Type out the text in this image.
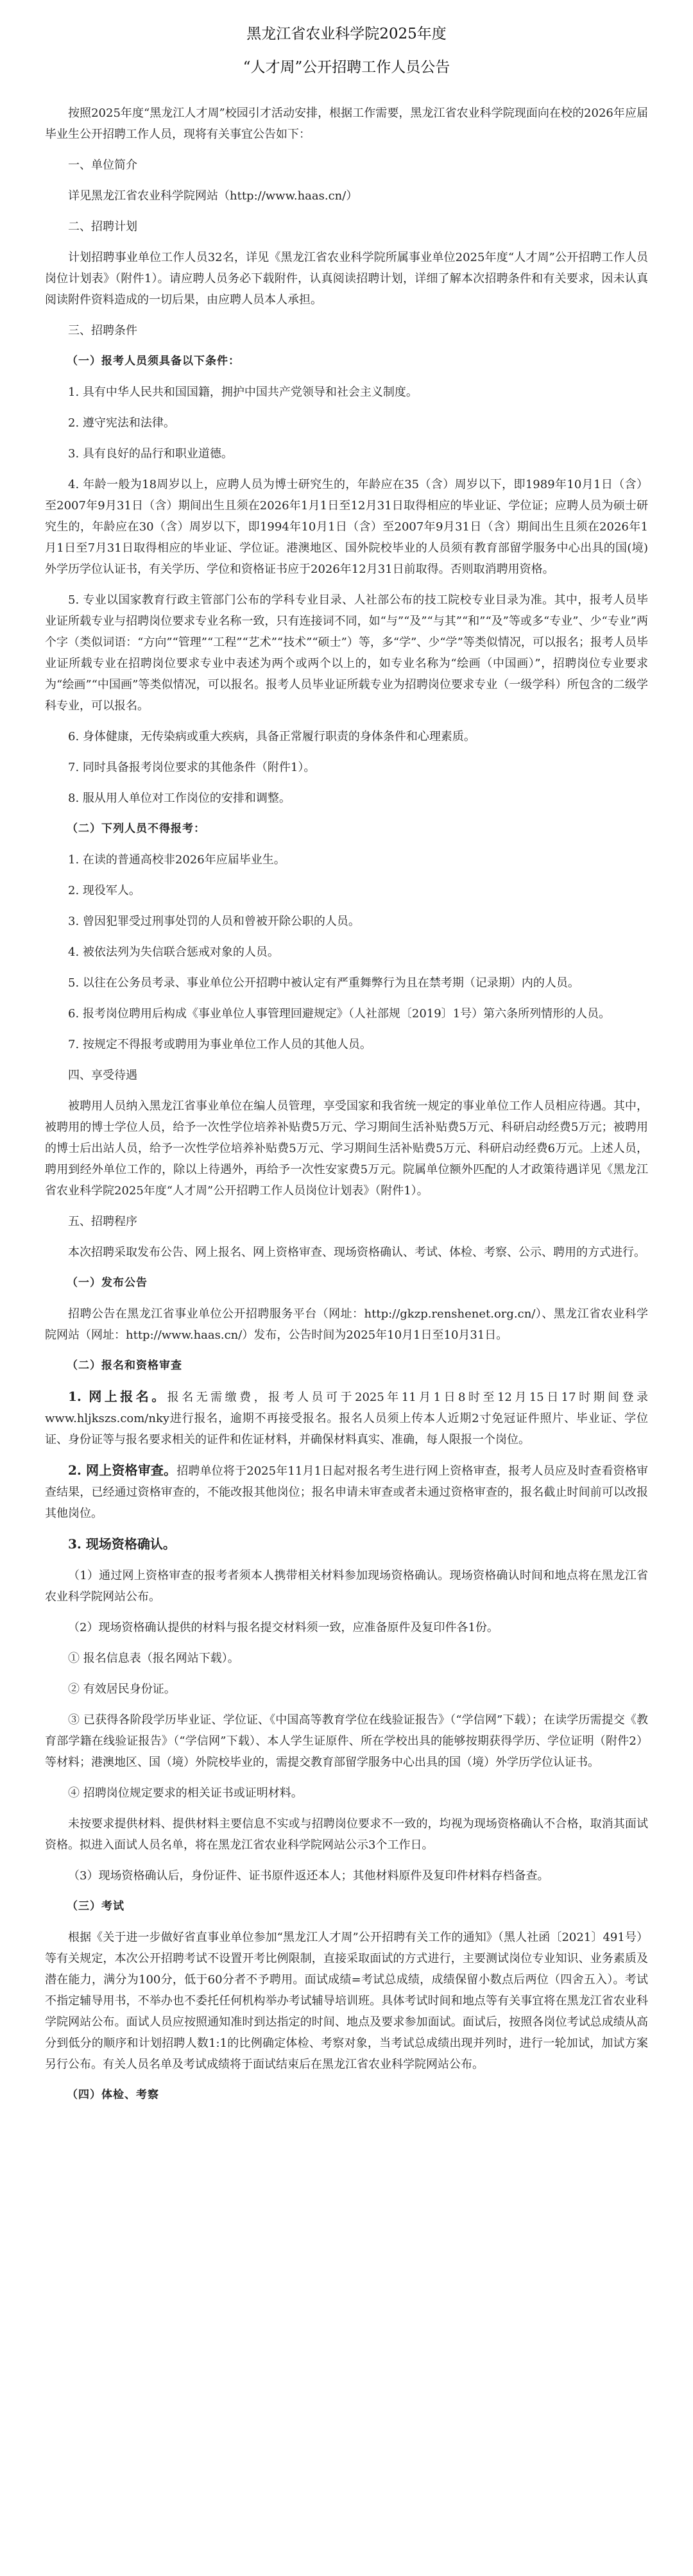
黑龙江省农业科学院2025年度
“人才周”公开招聘工作人员公告

按照2025年度“黑龙江人才周”校园引才活动安排，根据工作需要，黑龙江省农业科学院现面向在校的2026年应届毕业生公开招聘工作人员，现将有关事宜公告如下：

一、单位简介

详见黑龙江省农业科学院网站（http://www.haas.cn/）

二、招聘计划

计划招聘事业单位工作人员32名，详见《黑龙江省农业科学院所属事业单位2025年度“人才周”公开招聘工作人员岗位计划表》（附件1）。请应聘人员务必下载附件，认真阅读招聘计划，详细了解本次招聘条件和有关要求，因未认真阅读附件资料造成的一切后果，由应聘人员本人承担。

三、招聘条件

（一）报考人员须具备以下条件：

1. 具有中华人民共和国国籍，拥护中国共产党领导和社会主义制度。

2. 遵守宪法和法律。

3. 具有良好的品行和职业道德。

4. 年龄一般为18周岁以上，应聘人员为博士研究生的，年龄应在35（含）周岁以下，即1989年10月1日（含）至2007年9月31日（含）期间出生且须在2026年1月1日至12月31日取得相应的毕业证、学位证；应聘人员为硕士研究生的，年龄应在30（含）周岁以下，即1994年10月1日（含）至2007年9月31日（含）期间出生且须在2026年1月1日至7月31日取得相应的毕业证、学位证。港澳地区、国外院校毕业的人员须有教育部留学服务中心出具的国(境)外学历学位认证书，有关学历、学位和资格证书应于2026年12月31日前取得。否则取消聘用资格。

5. 专业以国家教育行政主管部门公布的学科专业目录、人社部公布的技工院校专业目录为准。其中，报考人员毕业证所载专业与招聘岗位要求专业名称一致，只有连接词不同，如“与”“及”“与其”“和”“及”等或多“专业”、少“专业”两个字（类似词语：“方向”“管理”“工程”“艺术”“技术”“硕士”）等，多“学”、少“学”等类似情况，可以报名；报考人员毕业证所载专业在招聘岗位要求专业中表述为两个或两个以上的，如专业名称为“绘画（中国画）”，招聘岗位专业要求为“绘画”“中国画”等类似情况，可以报名。报考人员毕业证所载专业为招聘岗位要求专业（一级学科）所包含的二级学科专业，可以报名。

6. 身体健康，无传染病或重大疾病，具备正常履行职责的身体条件和心理素质。

7. 同时具备报考岗位要求的其他条件（附件1）。

8. 服从用人单位对工作岗位的安排和调整。

（二）下列人员不得报考：

1. 在读的普通高校非2026年应届毕业生。

2. 现役军人。

3. 曾因犯罪受过刑事处罚的人员和曾被开除公职的人员。

4. 被依法列为失信联合惩戒对象的人员。

5. 以往在公务员考录、事业单位公开招聘中被认定有严重舞弊行为且在禁考期（记录期）内的人员。

6. 报考岗位聘用后构成《事业单位人事管理回避规定》（人社部规〔2019〕1号）第六条所列情形的人员。

7. 按规定不得报考或聘用为事业单位工作人员的其他人员。

四、享受待遇

被聘用人员纳入黑龙江省事业单位在编人员管理，享受国家和我省统一规定的事业单位工作人员相应待遇。其中，被聘用的博士学位人员，给予一次性学位培养补贴费5万元、学习期间生活补贴费5万元、科研启动经费5万元；被聘用的博士后出站人员，给予一次性学位培养补贴费5万元、学习期间生活补贴费5万元、科研启动经费6万元。上述人员，聘用到经外单位工作的，除以上待遇外，再给予一次性安家费5万元。院属单位额外匹配的人才政策待遇详见《黑龙江省农业科学院2025年度“人才周”公开招聘工作人员岗位计划表》（附件1）。

五、招聘程序

本次招聘采取发布公告、网上报名、网上资格审查、现场资格确认、考试、体检、考察、公示、聘用的方式进行。

（一）发布公告

招聘公告在黑龙江省事业单位公开招聘服务平台（网址：http://gkzp.renshenet.org.cn/）、黑龙江省农业科学院网站（网址：http://www.haas.cn/）发布，公告时间为2025年10月1日至10月31日。

（二）报名和资格审查

1. 网上报名。报名无需缴费，报考人员可于2025年11月1日8时至12月15日17时期间登录www.hljkszs.com/nky进行报名，逾期不再接受报名。报名人员须上传本人近期2寸免冠证件照片、毕业证、学位证、身份证等与报名要求相关的证件和佐证材料，并确保材料真实、准确，每人限报一个岗位。

2. 网上资格审查。招聘单位将于2025年11月1日起对报名考生进行网上资格审查，报考人员应及时查看资格审查结果，已经通过资格审查的，不能改报其他岗位；报名申请未审查或者未通过资格审查的，报名截止时间前可以改报其他岗位。

3. 现场资格确认。

（1）通过网上资格审查的报考者须本人携带相关材料参加现场资格确认。现场资格确认时间和地点将在黑龙江省农业科学院网站公布。

（2）现场资格确认提供的材料与报名提交材料须一致，应准备原件及复印件各1份。

① 报名信息表（报名网站下载）。

② 有效居民身份证。

③ 已获得各阶段学历毕业证、学位证、《中国高等教育学位在线验证报告》（“学信网”下载）；在读学历需提交《教育部学籍在线验证报告》（“学信网”下载）、本人学生证原件、所在学校出具的能够按期获得学历、学位证明（附件2）等材料；港澳地区、国（境）外院校毕业的，需提交教育部留学服务中心出具的国（境）外学历学位认证书。

④ 招聘岗位规定要求的相关证书或证明材料。

未按要求提供材料、提供材料主要信息不实或与招聘岗位要求不一致的，均视为现场资格确认不合格，取消其面试资格。拟进入面试人员名单，将在黑龙江省农业科学院网站公示3个工作日。

（3）现场资格确认后，身份证件、证书原件返还本人；其他材料原件及复印件材料存档备查。

（三）考试

根据《关于进一步做好省直事业单位参加“黑龙江人才周”公开招聘有关工作的通知》（黑人社函〔2021〕491号）等有关规定，本次公开招聘考试不设置开考比例限制，直接采取面试的方式进行，主要测试岗位专业知识、业务素质及潜在能力，满分为100分，低于60分者不予聘用。面试成绩=考试总成绩，成绩保留小数点后两位（四舍五入）。考试不指定辅导用书，不举办也不委托任何机构举办考试辅导培训班。具体考试时间和地点等有关事宜将在黑龙江省农业科学院网站公布。面试人员应按照通知准时到达指定的时间、地点及要求参加面试。面试后，按照各岗位考试总成绩从高分到低分的顺序和计划招聘人数1:1的比例确定体检、考察对象，当考试总成绩出现并列时，进行一轮加试，加试方案另行公布。有关人员名单及考试成绩将于面试结束后在黑龙江省农业科学院网站公布。

（四）体检、考察
